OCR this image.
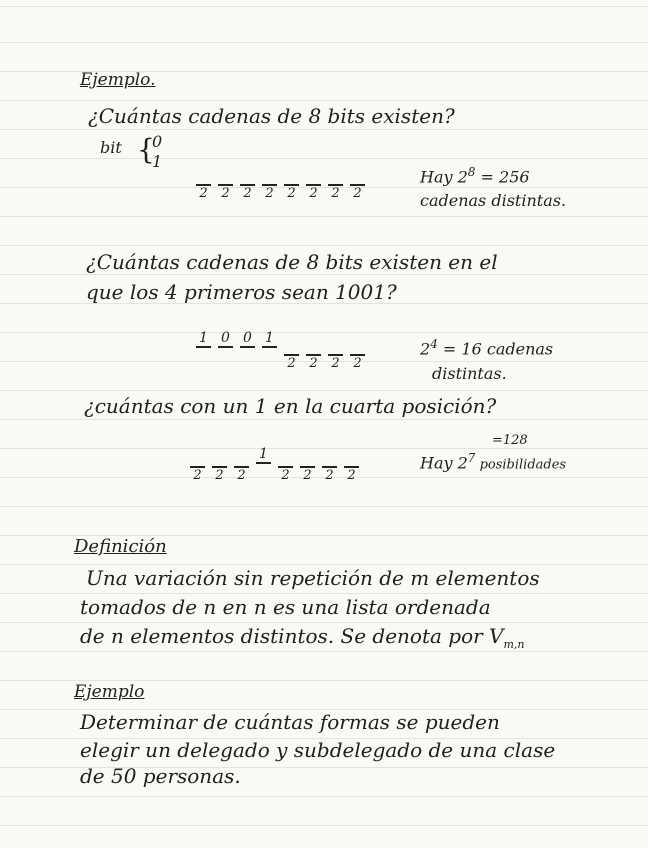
Ejemplo.
¿Cuántas cadenas de 8 bits existen?
bit {
0
1
2 2 2 2 2 2 2 2
Hay $2^8 = 256$
cadenas distintas.
¿Cuántas cadenas de 8 bits existen en el
que los 4 primeros sean 1001?
1 0 0 1
2 2 2 2
$2^4 = 16$ cadenas
distintas.
¿cuántas con un 1 en la cuarta posición?
2 2 2
1
2 2 2 2
=128
Hay $2^7$ posibilidades
Definición
Una variación sin repetición de m elementos
tomados de n en n es una lista ordenada
de n elementos distintos. Se denota por $V_{m,n}$
Ejemplo
Determinar de cuántas formas se pueden
elegir un delegado y subdelegado de una clase
de 50 personas.
